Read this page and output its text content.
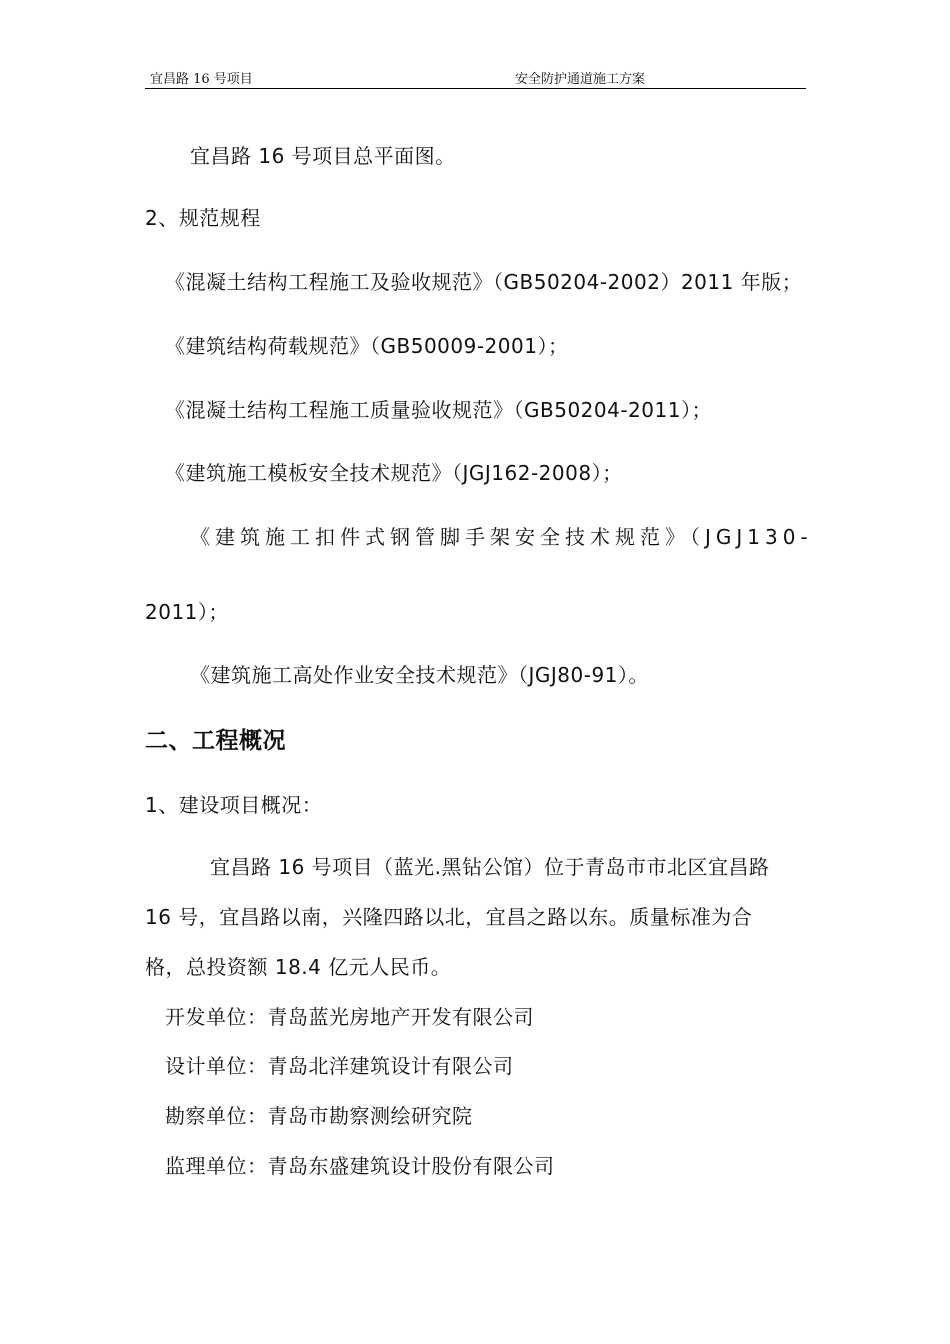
宜昌路 16 号项目	安全防护通道施工方案
宜昌路 16 号项目总平面图。
2、规范规程
《混凝土结构工程施工及验收规范》（GB50204-2002）2011 年版；
《建筑结构荷载规范》（GB50009-2001）；
《混凝土结构工程施工质量验收规范》（GB50204-2011）；
《建筑施工模板安全技术规范》（JGJ162-2008）；
《建筑施工扣件式钢管脚手架安全技术规范》（JGJ130-
2011）；
《建筑施工高处作业安全技术规范》（JGJ80-91）。
二、工程概况
1、建设项目概况：
宜昌路 16 号项目（蓝光.黑钻公馆）位于青岛市市北区宜昌路
16 号，宜昌路以南，兴隆四路以北，宜昌之路以东。质量标准为合
格，总投资额 18.4 亿元人民币。
开发单位：青岛蓝光房地产开发有限公司
设计单位：青岛北洋建筑设计有限公司
勘察单位：青岛市勘察测绘研究院
监理单位：青岛东盛建筑设计股份有限公司
